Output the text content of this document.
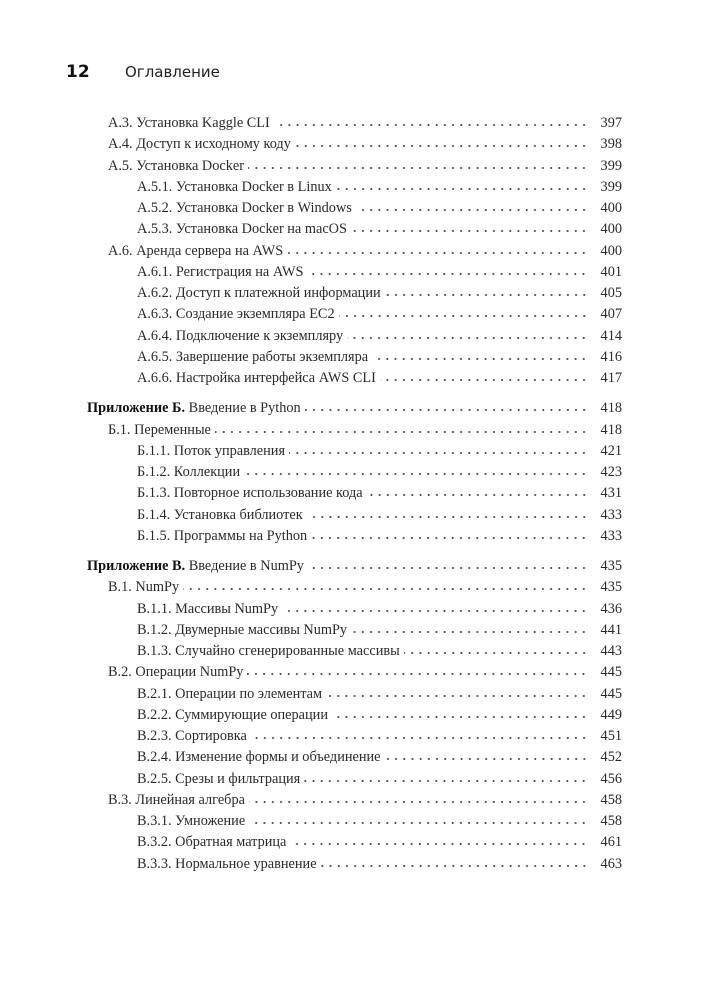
12	Оглавление
А.3. Установка Kaggle CLI	397
А.4. Доступ к исходному коду	398
А.5. Установка Docker	399
А.5.1. Установка Docker в Linux	399
А.5.2. Установка Docker в Windows	400
А.5.3. Установка Docker на macOS	400
А.6. Аренда сервера на AWS	400
А.6.1. Регистрация на AWS	401
А.6.2. Доступ к платежной информации	405
А.6.3. Создание экземпляра EC2	407
А.6.4. Подключение к экземпляру	414
А.6.5. Завершение работы экземпляра	416
А.6.6. Настройка интерфейса AWS CLI	417
Приложение Б. Введение в Python	418
Б.1. Переменные	418
Б.1.1. Поток управления	421
Б.1.2. Коллекции	423
Б.1.3. Повторное использование кода	431
Б.1.4. Установка библиотек	433
Б.1.5. Программы на Python	433
Приложение В. Введение в NumPy	435
В.1. NumPy	435
В.1.1. Массивы NumPy	436
В.1.2. Двумерные массивы NumPy	441
В.1.3. Случайно сгенерированные массивы	443
В.2. Операции NumPy	445
В.2.1. Операции по элементам	445
В.2.2. Суммирующие операции	449
В.2.3. Сортировка	451
В.2.4. Изменение формы и объединение	452
В.2.5. Срезы и фильтрация	456
В.3. Линейная алгебра	458
В.3.1. Умножение	458
В.3.2. Обратная матрица	461
В.3.3. Нормальное уравнение	463
